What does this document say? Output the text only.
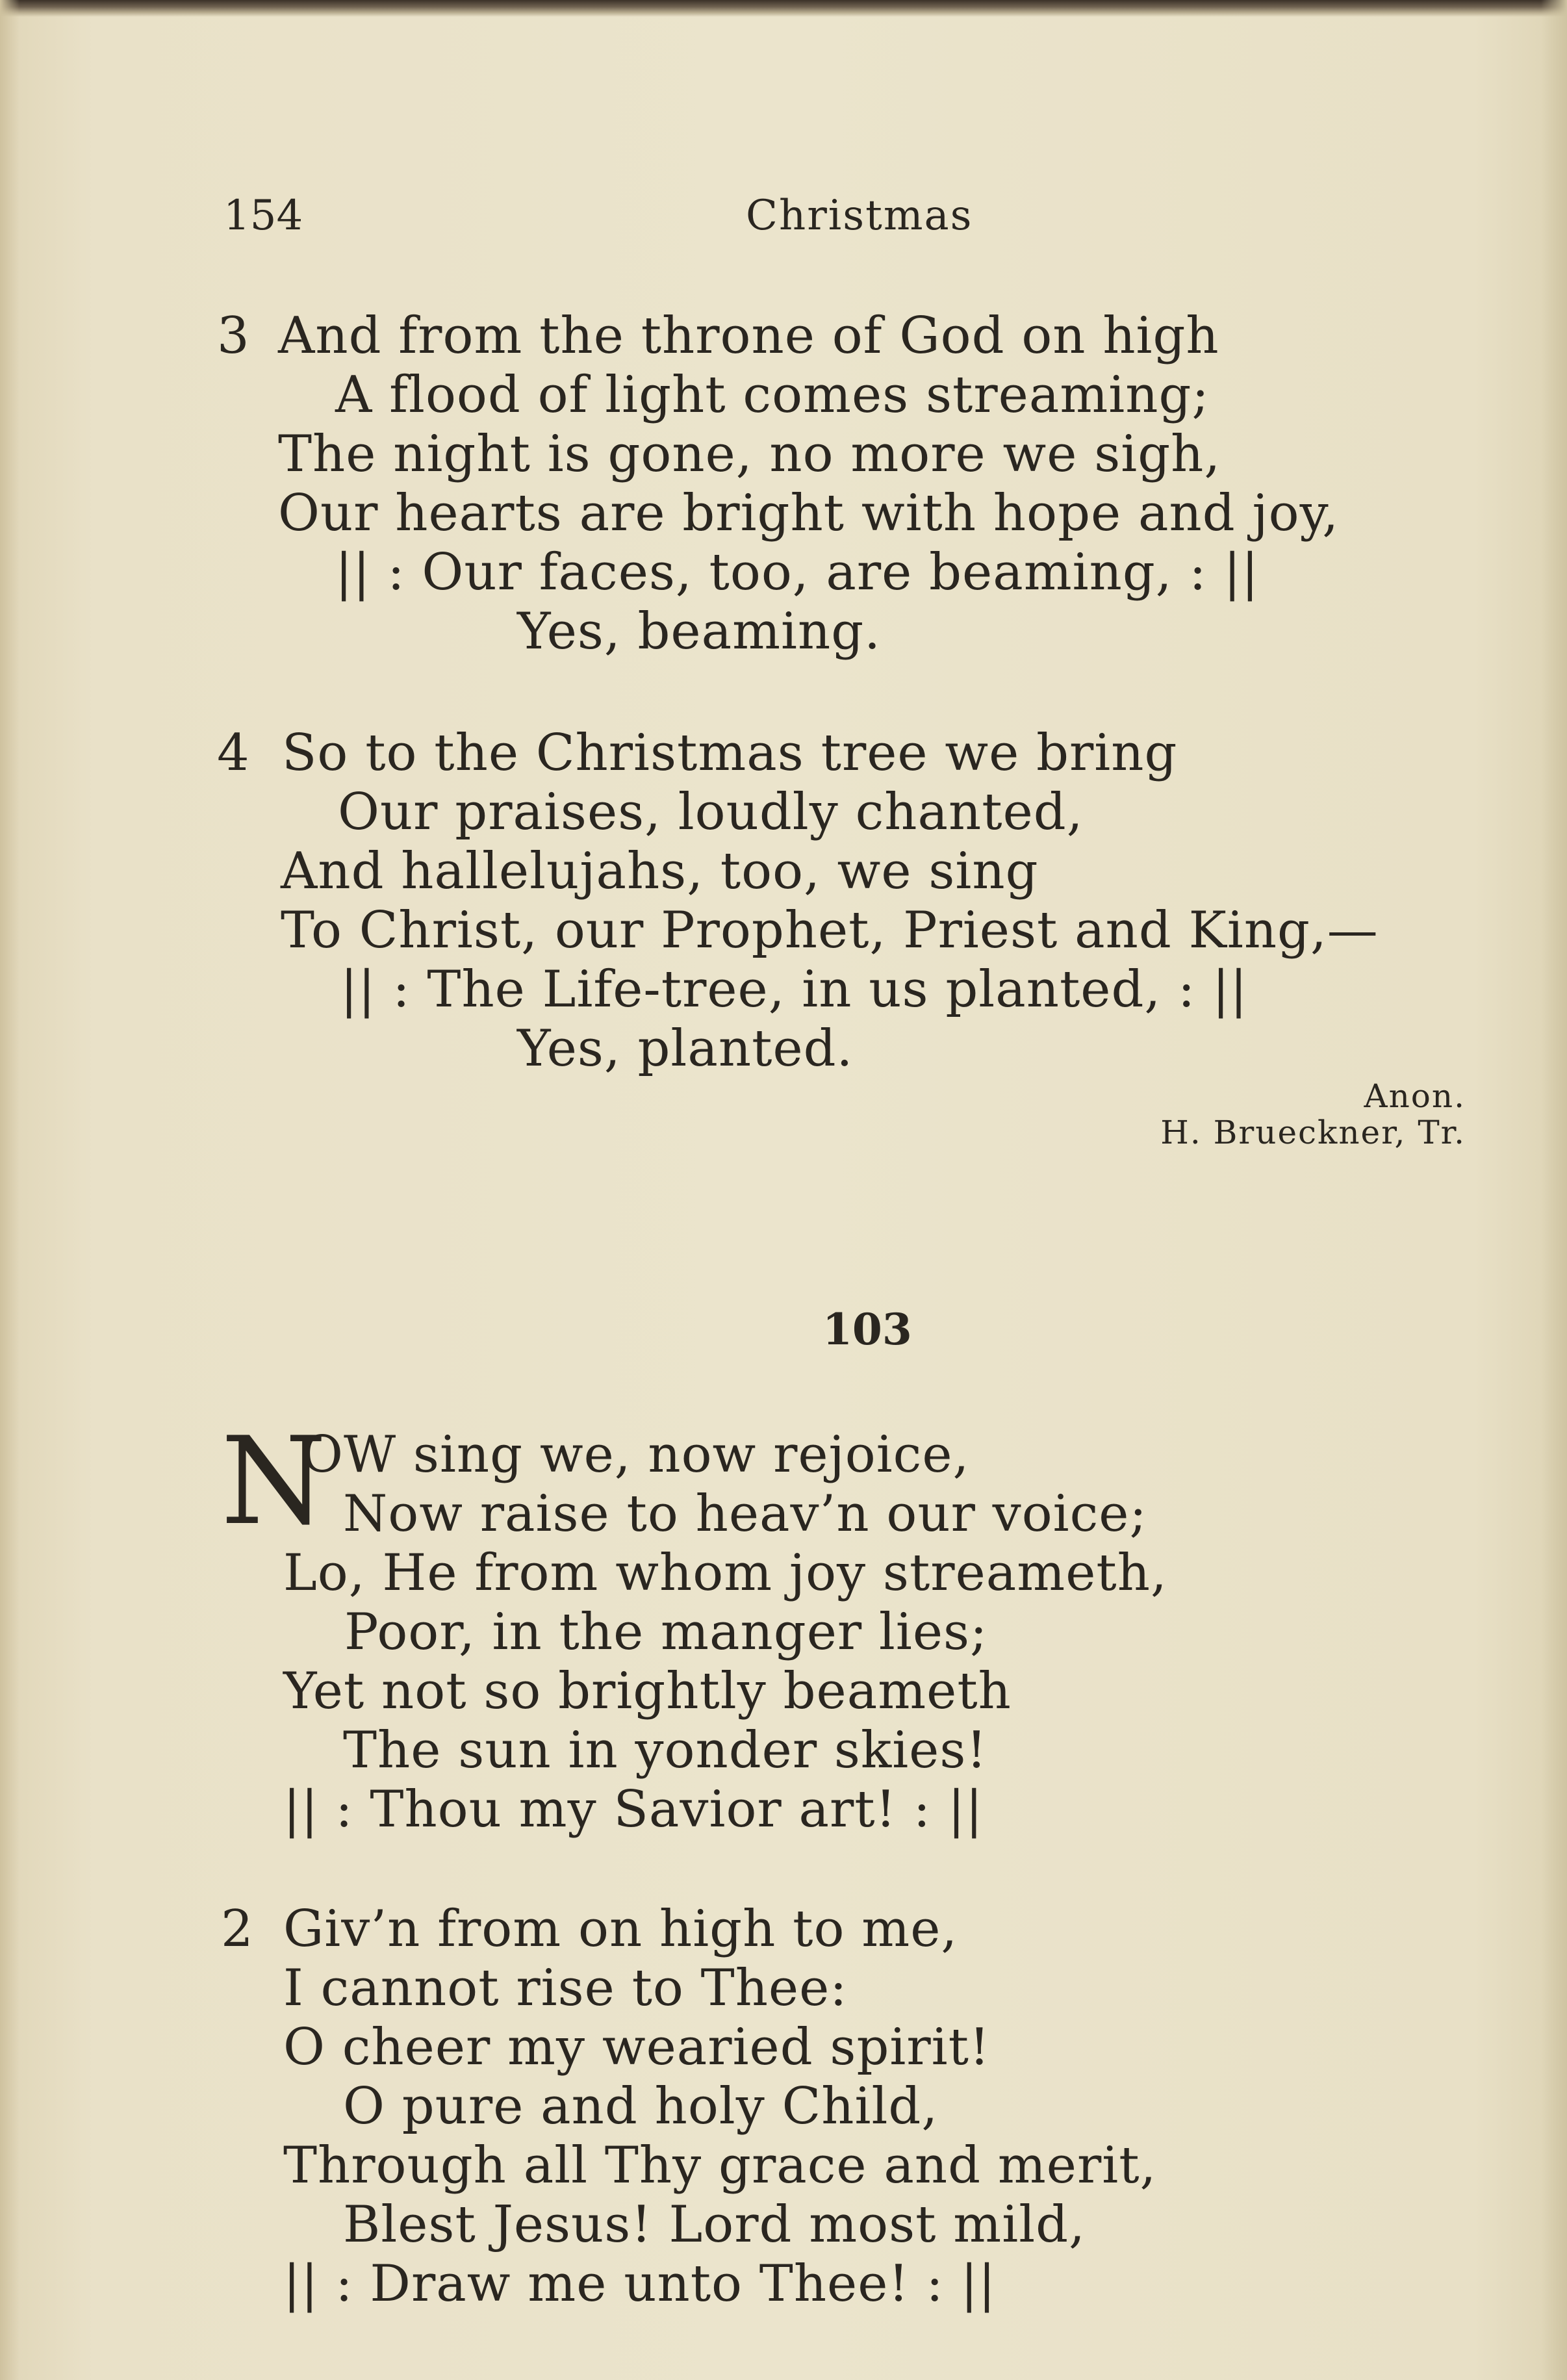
154	Christmas
3 And from the throne of God on high
A flood of light comes streaming;
The night is gone, no more we sigh,
Our hearts are bright with hope and joy,
|| : Our faces, too, are beaming, : ||
Yes, beaming.
4 So to the Christmas tree we bring
Our praises, loudly chanted,
And hallelujahs, too, we sing
To Christ, our Prophet, Priest and King,—
|| : The Life-tree, in us planted, : ||
Yes, planted.
Anon.
H. Brueckner, Tr.
103
N
OW sing we, now rejoice,
Now raise to heav’n our voice;
Lo, He from whom joy streameth,
Poor, in the manger lies;
Yet not so brightly beameth
The sun in yonder skies!
|| : Thou my Savior art! : ||
2 Giv’n from on high to me,
I cannot rise to Thee:
O cheer my wearied spirit!
O pure and holy Child,
Through all Thy grace and merit,
Blest Jesus! Lord most mild,
|| : Draw me unto Thee! : ||
